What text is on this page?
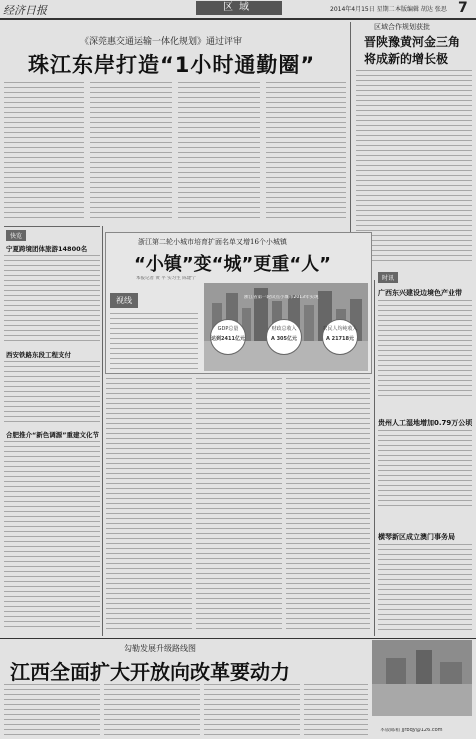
经济日报	区域	2014年4月15日 星期二 本版编辑 胡达 张思 7
《深莞惠交通运输一体化规划》通过评审
珠江东岸打造“1小时通勤圈”
区域合作规划获批
晋陕豫黄河金三角
将成新的增长极
快览
宁夏跨境团体旅游14800名
西安铁路东段工程支付
合肥推介“新色调源”重建文化节
浙江第二轮小城市培育扩面名单又增16个小城镇
“小镇”变“城”更重“人”
本报记者 黄 平 实习生 陈建宁
视线	浙江省第一轮试点小城市2013年实现
GDP总量
达到2411亿元
财政总收入
A 305亿元
农民人均纯收入
A 21718元
时讯
广西东兴建设边境色产业带
贵州人工湿地增加0.79万公顷
横琴新区成立澳门事务局
勾勒发展升级路线图
江西全面扩大开放向改革要动力
本版邮箱 jjrbqy@126.com
